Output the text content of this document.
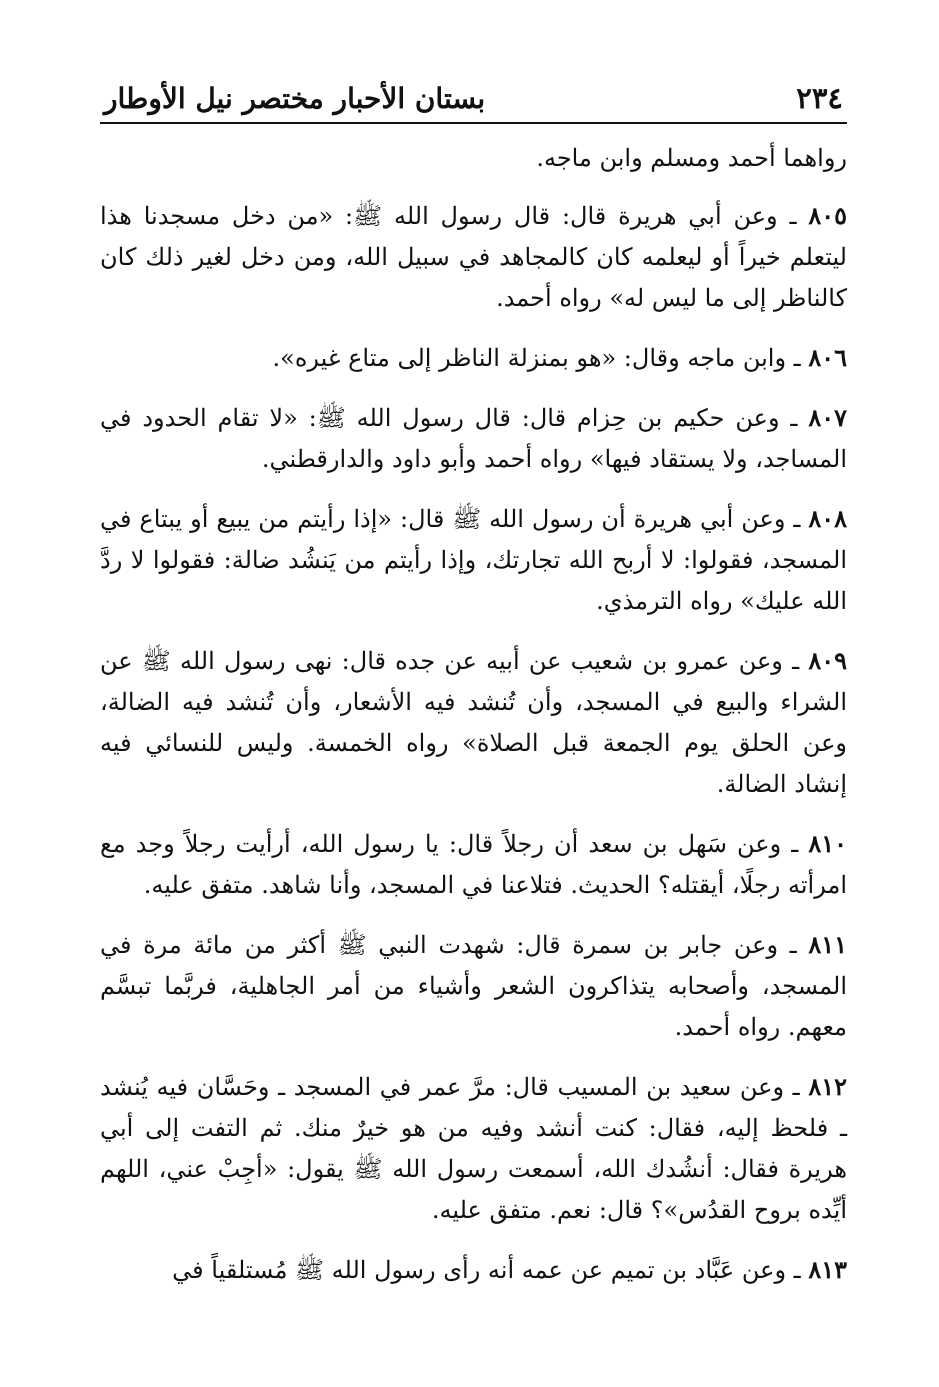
٢٣٤
بستان الأحبار مختصر نيل الأوطار

رواهما أحمد ومسلم وابن ماجه.

٨٠٥ ـ وعن أبي هريرة قال: قال رسول الله ﷺ: «من دخل مسجدنا هذا ليتعلم خيراً أو ليعلمه كان كالمجاهد في سبيل الله، ومن دخل لغير ذلك كان كالناظر إلى ما ليس له» رواه أحمد.

٨٠٦ ـ وابن ماجه وقال: «هو بمنزلة الناظر إلى متاع غيره».

٨٠٧ ـ وعن حكيم بن حِزام قال: قال رسول الله ﷺ: «لا تقام الحدود في المساجد، ولا يستقاد فيها» رواه أحمد وأبو داود والدارقطني.

٨٠٨ ـ وعن أبي هريرة أن رسول الله ﷺ قال: «إذا رأيتم من يبيع أو يبتاع في المسجد، فقولوا: لا أربح الله تجارتك، وإذا رأيتم من يَنشُد ضالة: فقولوا لا ردَّ الله عليك» رواه الترمذي.

٨٠٩ ـ وعن عمرو بن شعيب عن أبيه عن جده قال: نهى رسول الله ﷺ عن الشراء والبيع في المسجد، وأن تُنشد فيه الأشعار، وأن تُنشد فيه الضالة، وعن الحلق يوم الجمعة قبل الصلاة» رواه الخمسة. وليس للنسائي فيه إنشاد الضالة.

٨١٠ ـ وعن سَهل بن سعد أن رجلاً قال: يا رسول الله، أرأيت رجلاً وجد مع امرأته رجلًا، أيقتله؟ الحديث. فتلاعنا في المسجد، وأنا شاهد. متفق عليه.

٨١١ ـ وعن جابر بن سمرة قال: شهدت النبي ﷺ أكثر من مائة مرة في المسجد، وأصحابه يتذاكرون الشعر وأشياء من أمر الجاهلية، فربَّما تبسَّم معهم. رواه أحمد.

٨١٢ ـ وعن سعيد بن المسيب قال: مرَّ عمر في المسجد ـ وحَسَّان فيه يُنشد ـ فلحظ إليه، فقال: كنت أنشد وفيه من هو خيرٌ منك. ثم التفت إلى أبي هريرة فقال: أنشُدك الله، أسمعت رسول الله ﷺ يقول: «أجِبْ عني، اللهم أيِّده بروح القدُس»؟ قال: نعم. متفق عليه.

٨١٣ ـ وعن عَبَّاد بن تميم عن عمه أنه رأى رسول الله ﷺ مُستلقياً في
